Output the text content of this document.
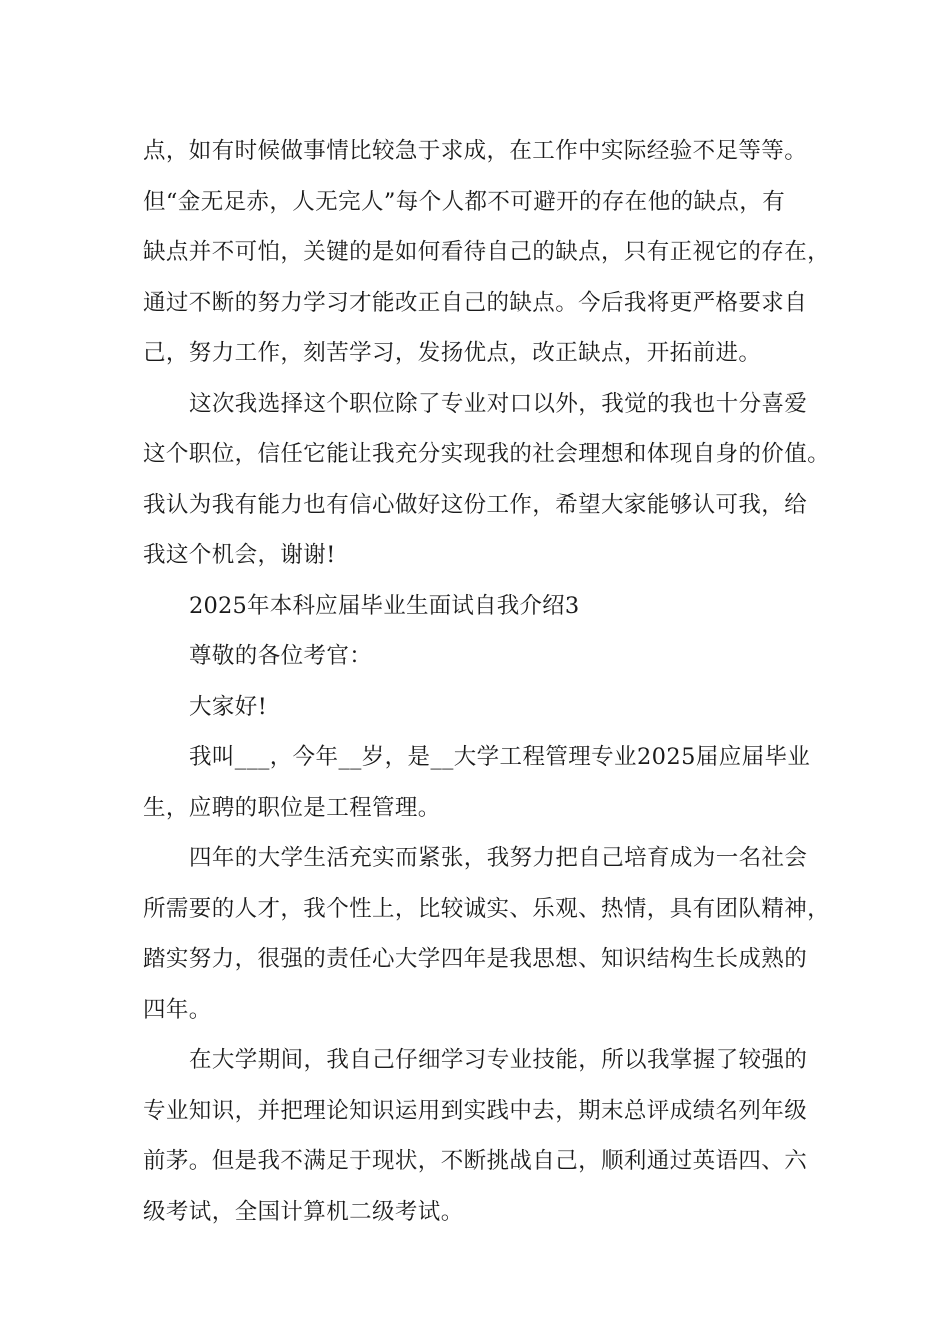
点，如有时候做事情比较急于求成，在工作中实际经验不足等等。
但“金无足赤，人无完人”每个人都不可避开的存在他的缺点，有
缺点并不可怕，关键的是如何看待自己的缺点，只有正视它的存在，
通过不断的努力学习才能改正自己的缺点。今后我将更严格要求自
己，努力工作，刻苦学习，发扬优点，改正缺点，开拓前进。
这次我选择这个职位除了专业对口以外，我觉的我也十分喜爱
这个职位，信任它能让我充分实现我的社会理想和体现自身的价值。
我认为我有能力也有信心做好这份工作，希望大家能够认可我，给
我这个机会，谢谢!
2025年本科应届毕业生面试自我介绍3
尊敬的各位考官：
大家好!
我叫___，今年__岁，是__大学工程管理专业2025届应届毕业
生，应聘的职位是工程管理。
四年的大学生活充实而紧张，我努力把自己培育成为一名社会
所需要的人才，我个性上，比较诚实、乐观、热情，具有团队精神，
踏实努力，很强的责任心大学四年是我思想、知识结构生长成熟的
四年。
在大学期间，我自己仔细学习专业技能，所以我掌握了较强的
专业知识，并把理论知识运用到实践中去，期末总评成绩名列年级
前茅。但是我不满足于现状，不断挑战自己，顺利通过英语四、六
级考试，全国计算机二级考试。
